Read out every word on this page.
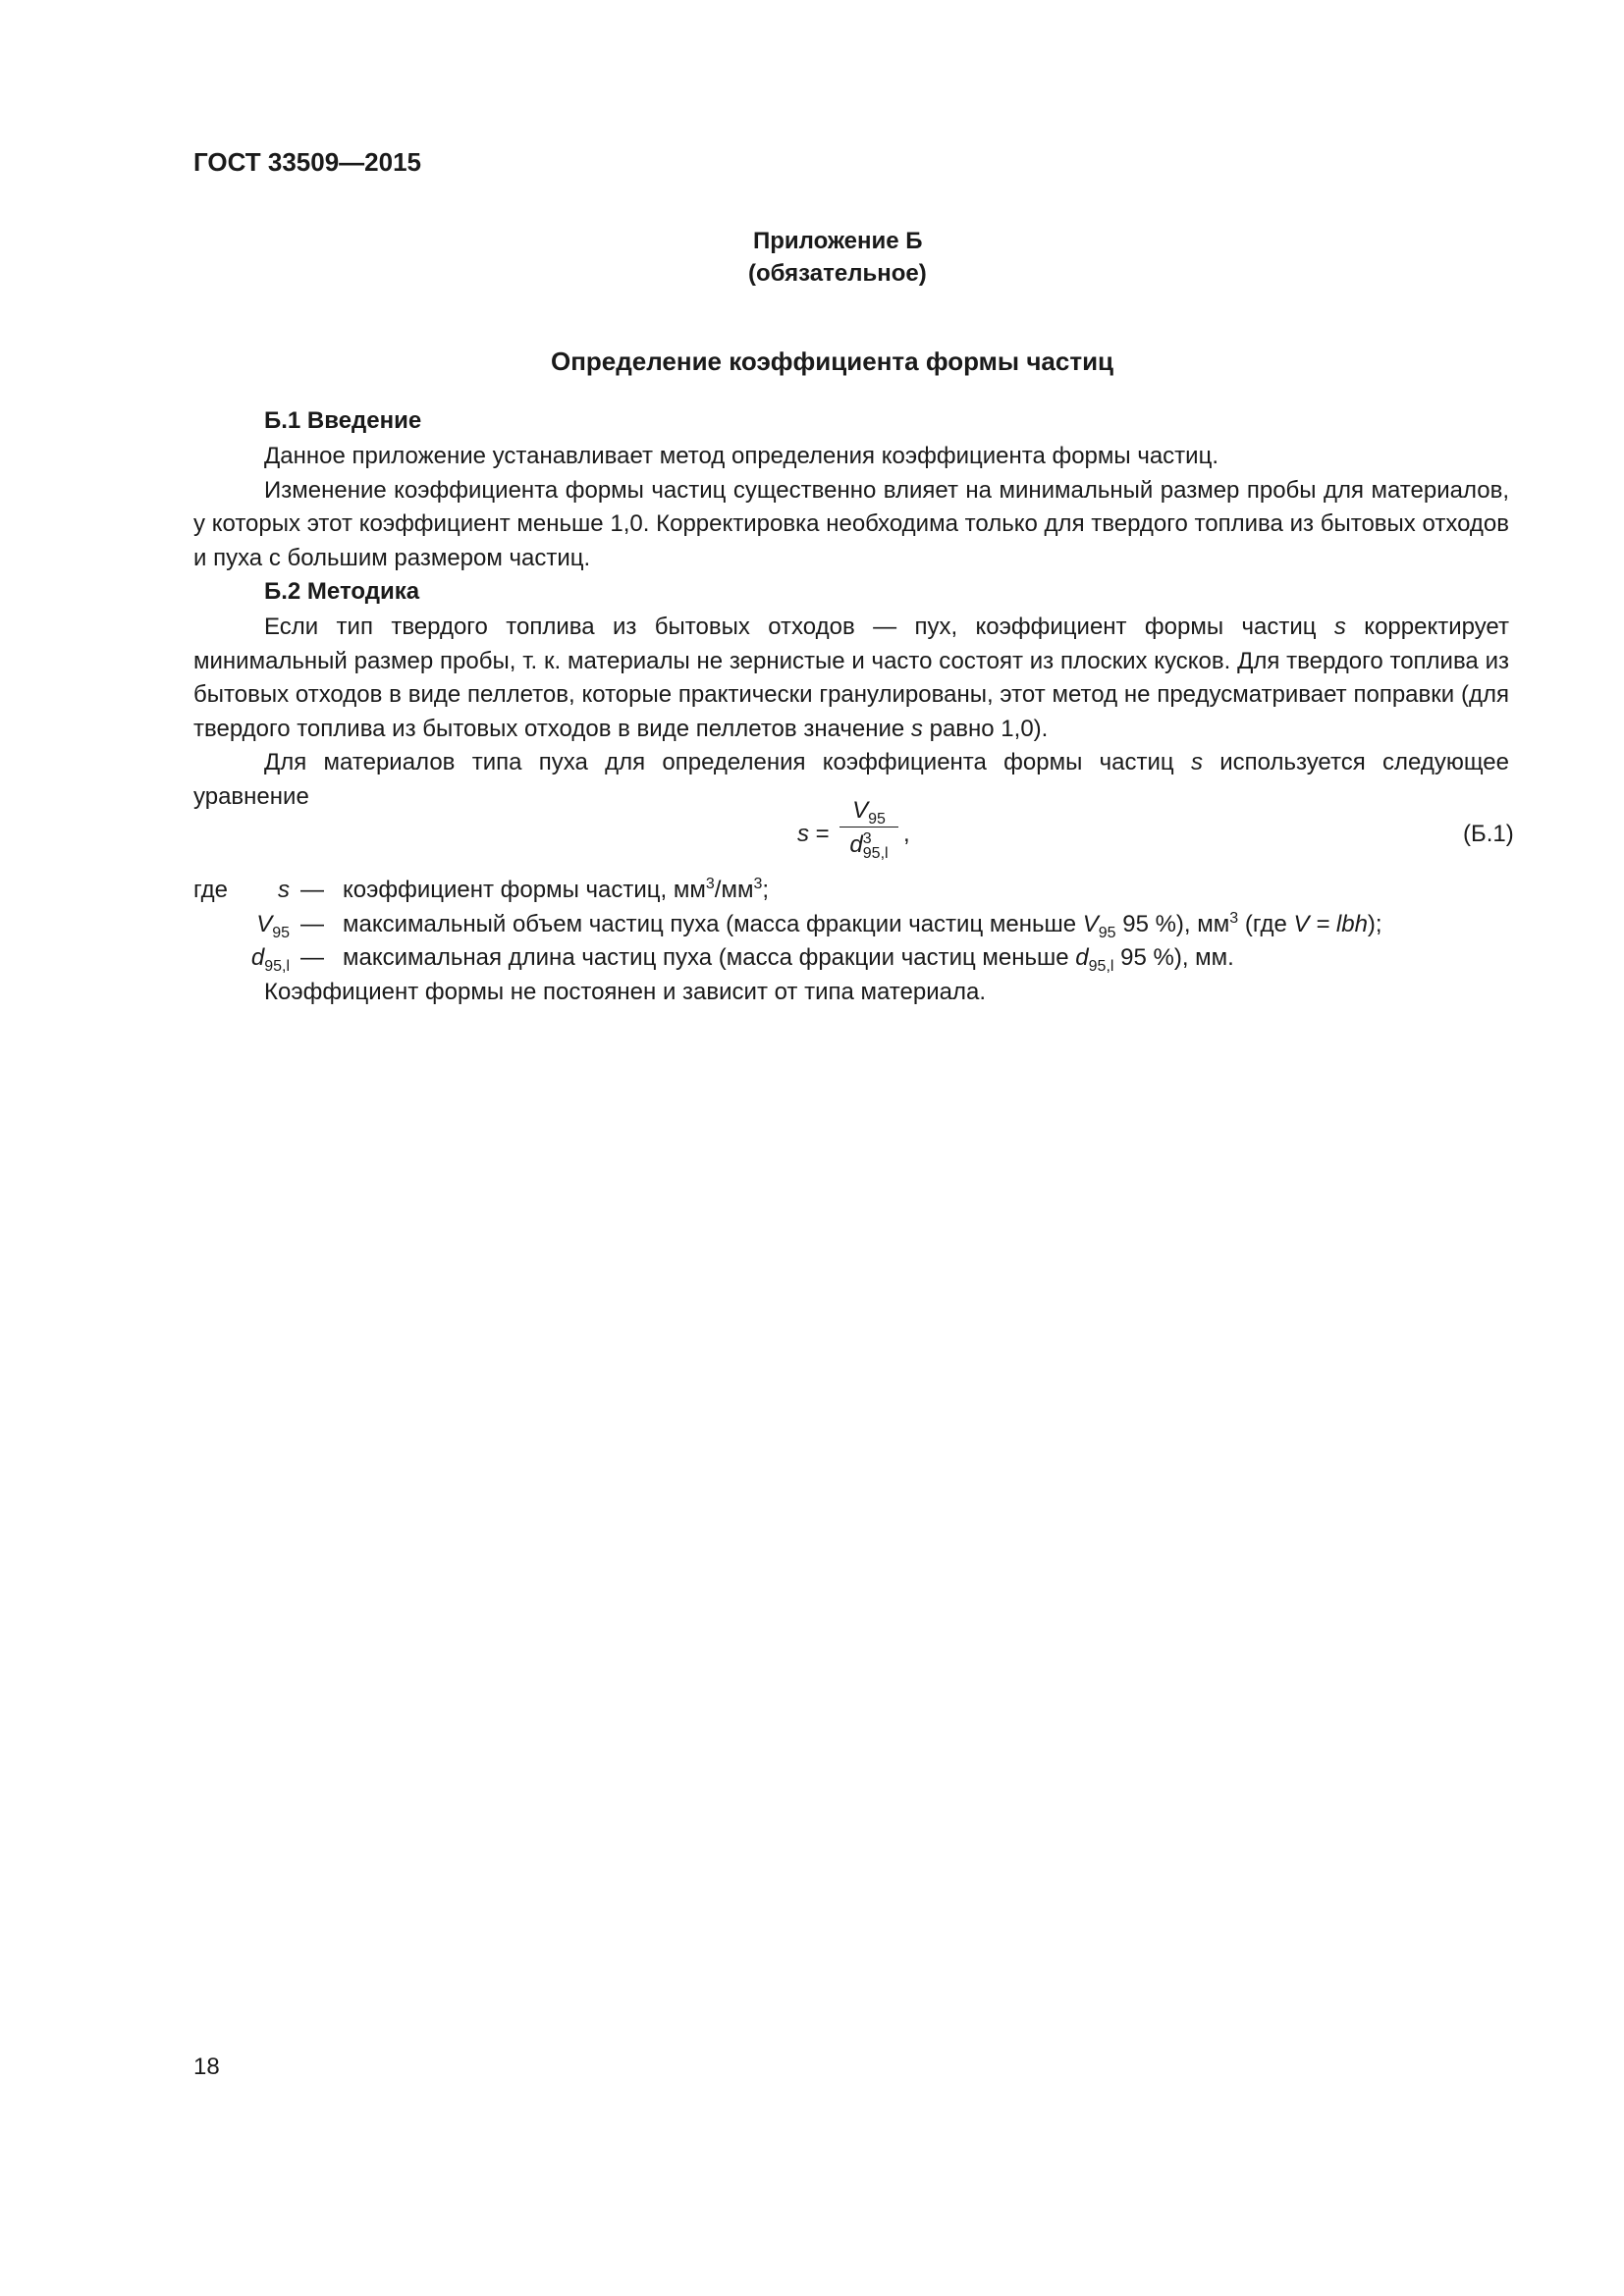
ГОСТ 33509—2015
Приложение Б
(обязательное)
Определение коэффициента формы частиц
Б.1 Введение

Данное приложение устанавливает метод определения коэффициента формы частиц.

Изменение коэффициента формы частиц существенно влияет на минимальный размер пробы для материалов, у которых этот коэффициент меньше 1,0. Корректировка необходима только для твердого топлива из бытовых отходов и пуха с большим размером частиц.

Б.2 Методика

Если тип твердого топлива из бытовых отходов — пух, коэффициент формы частиц s корректирует минимальный размер пробы, т. к. материалы не зернистые и часто состоят из плоских кусков. Для твердого топлива из бытовых отходов в виде пеллетов, которые практически гранулированы, этот метод не предусматривает поправки (для твердого топлива из бытовых отходов в виде пеллетов значение s равно 1,0).

Для материалов типа пуха для определения коэффициента формы частиц s используется следующее уравнение

s =
$V_{95}$
d 3
95,l
,	(Б.1)
где s — коэффициент формы частиц, $мм^3/мм^3$;
$V_{95}$ — максимальный объем частиц пуха (масса фракции частиц меньше $V_{95}$ 95 %), $мм^3$ (где V = lbh);
$d_{95,l}$ — максимальная длина частиц пуха (масса фракции частиц меньше $d_{95,l}$ 95 %), мм.
Коэффициент формы не постоянен и зависит от типа материала.
18
